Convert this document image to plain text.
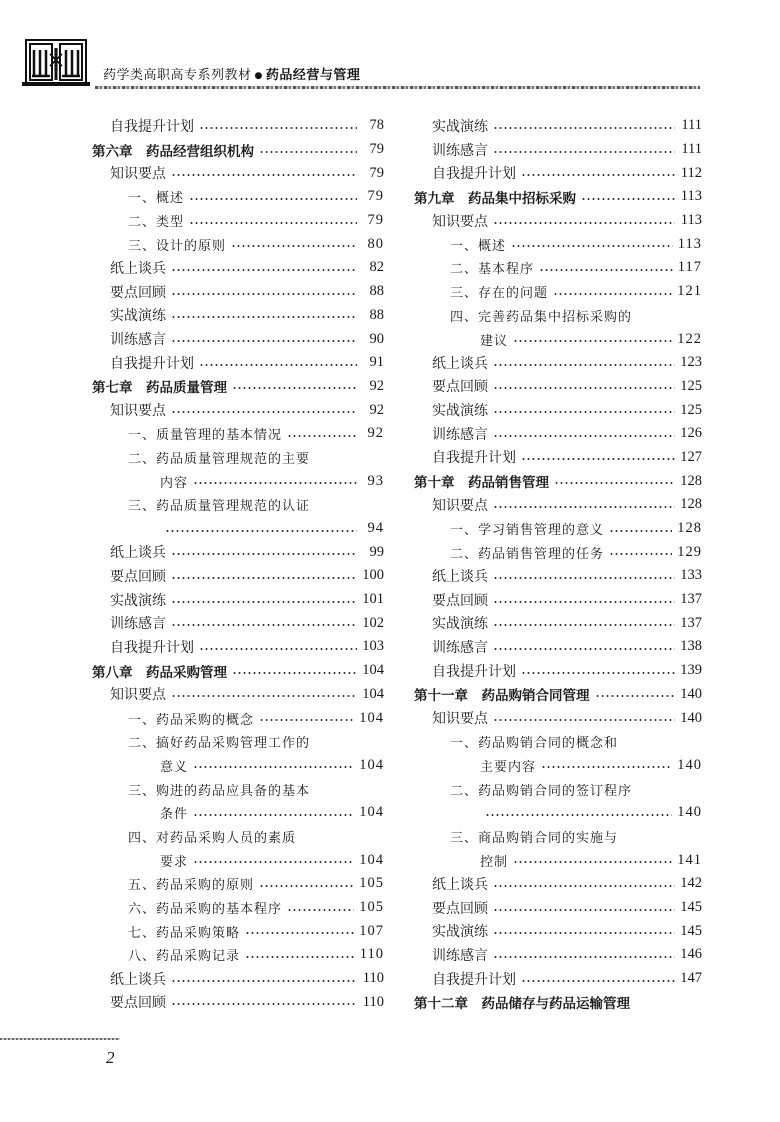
药学类高职高专系列教材 ● 药品经营与管理
自我提升计划	78
第六章　药品经营组织机构	79
知识要点	79
一、概述	79
二、类型	79
三、设计的原则	80
纸上谈兵	82
要点回顾	88
实战演练	88
训练感言	90
自我提升计划	91
第七章　药品质量管理	92
知识要点	92
一、质量管理的基本情况	92
二、药品质量管理规范的主要
内容	93
三、药品质量管理规范的认证
94
纸上谈兵	99
要点回顾	100
实战演练	101
训练感言	102
自我提升计划	103
第八章　药品采购管理	104
知识要点	104
一、药品采购的概念	104
二、搞好药品采购管理工作的
意义	104
三、购进的药品应具备的基本
条件	104
四、对药品采购人员的素质
要求	104
五、药品采购的原则	105
六、药品采购的基本程序	105
七、药品采购策略	107
八、药品采购记录	110
纸上谈兵	110
要点回顾	110
实战演练	111
训练感言	111
自我提升计划	112
第九章　药品集中招标采购	113
知识要点	113
一、概述	113
二、基本程序	117
三、存在的问题	121
四、完善药品集中招标采购的
建议	122
纸上谈兵	123
要点回顾	125
实战演练	125
训练感言	126
自我提升计划	127
第十章　药品销售管理	128
知识要点	128
一、学习销售管理的意义	128
二、药品销售管理的任务	129
纸上谈兵	133
要点回顾	137
实战演练	137
训练感言	138
自我提升计划	139
第十一章　药品购销合同管理	140
知识要点	140
一、药品购销合同的概念和
主要内容	140
二、药品购销合同的签订程序
140
三、商品购销合同的实施与
控制	141
纸上谈兵	142
要点回顾	145
实战演练	145
训练感言	146
自我提升计划	147
第十二章　药品储存与药品运输管理
2
